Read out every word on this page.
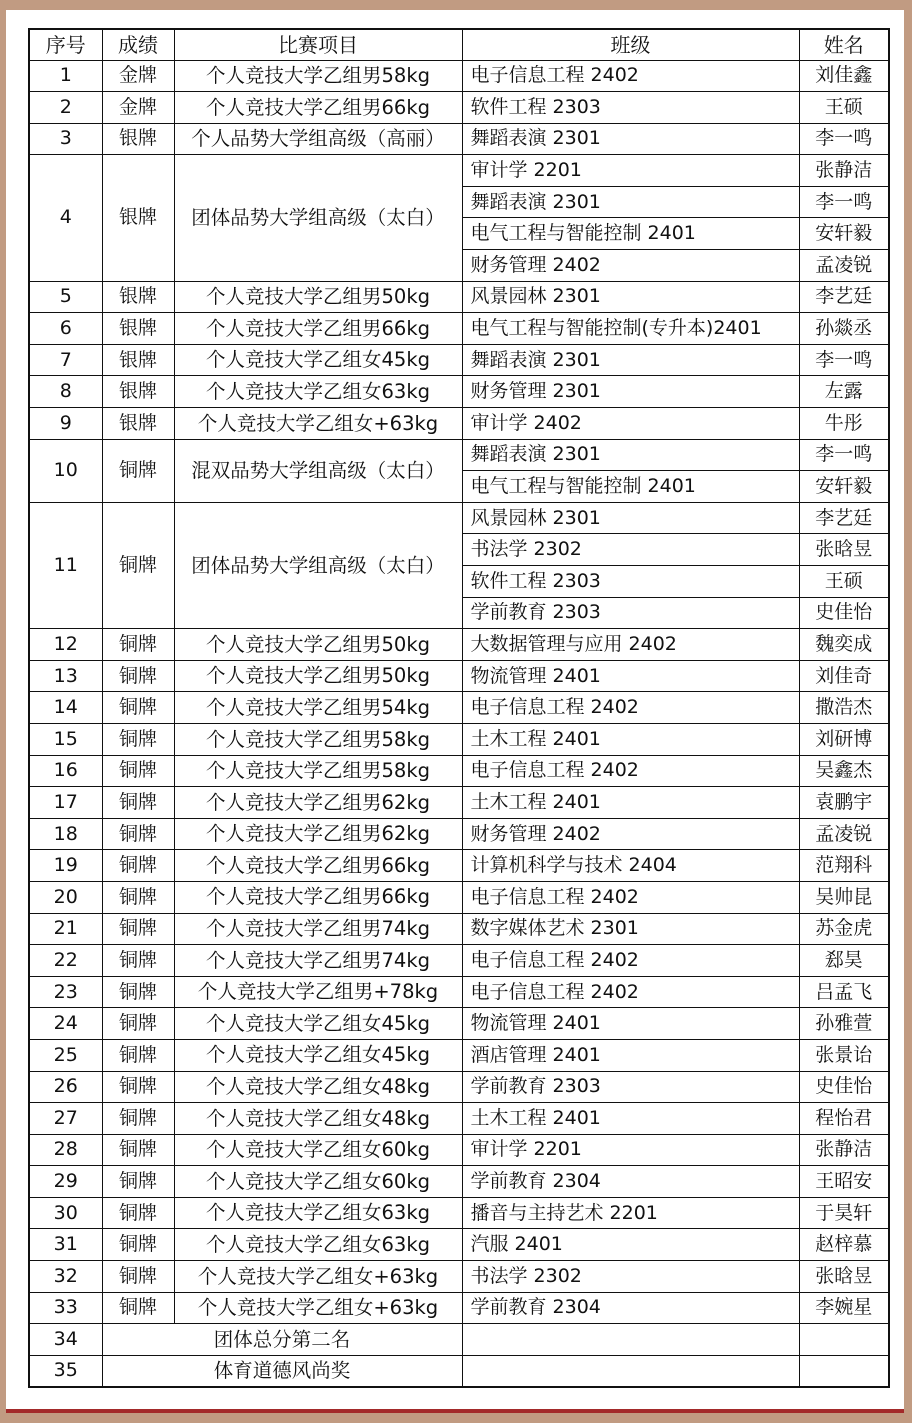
序号	成绩	比赛项目	班级	姓名
1	金牌	个人竞技大学乙组男58kg	电子信息工程 2402	刘佳鑫
2	金牌	个人竞技大学乙组男66kg	软件工程 2303	王硕
3	银牌	个人品势大学组高级（高丽）	舞蹈表演 2301	李一鸣
4	银牌	团体品势大学组高级（太白）	审计学 2201	张静洁
			舞蹈表演 2301	李一鸣
			电气工程与智能控制 2401	安轩毅
			财务管理 2402	孟凌锐
5	银牌	个人竞技大学乙组男50kg	风景园林 2301	李艺廷
6	银牌	个人竞技大学乙组男66kg	电气工程与智能控制(专升本)2401	孙燚丞
7	银牌	个人竞技大学乙组女45kg	舞蹈表演 2301	李一鸣
8	银牌	个人竞技大学乙组女63kg	财务管理 2301	左露
9	银牌	个人竞技大学乙组女+63kg	审计学 2402	牛彤
10	铜牌	混双品势大学组高级（太白）	舞蹈表演 2301	李一鸣
			电气工程与智能控制 2401	安轩毅
11	铜牌	团体品势大学组高级（太白）	风景园林 2301	李艺廷
			书法学 2302	张晗昱
			软件工程 2303	王硕
			学前教育 2303	史佳怡
12	铜牌	个人竞技大学乙组男50kg	大数据管理与应用 2402	魏奕成
13	铜牌	个人竞技大学乙组男50kg	物流管理 2401	刘佳奇
14	铜牌	个人竞技大学乙组男54kg	电子信息工程 2402	撒浩杰
15	铜牌	个人竞技大学乙组男58kg	土木工程 2401	刘研博
16	铜牌	个人竞技大学乙组男58kg	电子信息工程 2402	吴鑫杰
17	铜牌	个人竞技大学乙组男62kg	土木工程 2401	袁鹏宇
18	铜牌	个人竞技大学乙组男62kg	财务管理 2402	孟凌锐
19	铜牌	个人竞技大学乙组男66kg	计算机科学与技术 2404	范翔科
20	铜牌	个人竞技大学乙组男66kg	电子信息工程 2402	吴帅昆
21	铜牌	个人竞技大学乙组男74kg	数字媒体艺术 2301	苏金虎
22	铜牌	个人竞技大学乙组男74kg	电子信息工程 2402	郄昊
23	铜牌	个人竞技大学乙组男+78kg	电子信息工程 2402	吕孟飞
24	铜牌	个人竞技大学乙组女45kg	物流管理 2401	孙雅萱
25	铜牌	个人竞技大学乙组女45kg	酒店管理 2401	张景诒
26	铜牌	个人竞技大学乙组女48kg	学前教育 2303	史佳怡
27	铜牌	个人竞技大学乙组女48kg	土木工程 2401	程怡君
28	铜牌	个人竞技大学乙组女60kg	审计学 2201	张静洁
29	铜牌	个人竞技大学乙组女60kg	学前教育 2304	王昭安
30	铜牌	个人竞技大学乙组女63kg	播音与主持艺术 2201	于昊轩
31	铜牌	个人竞技大学乙组女63kg	汽服 2401	赵梓慕
32	铜牌	个人竞技大学乙组女+63kg	书法学 2302	张晗昱
33	铜牌	个人竞技大学乙组女+63kg	学前教育 2304	李婉星
34	团体总分第二名			
35	体育道德风尚奖			
